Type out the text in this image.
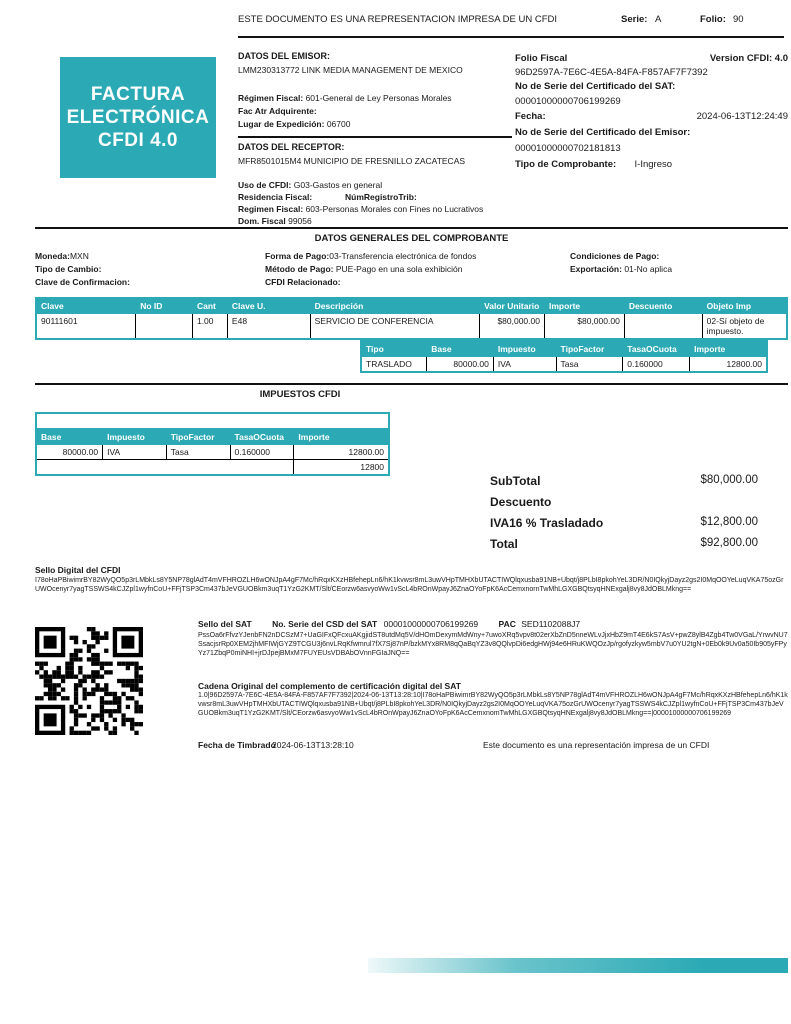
ESTE DOCUMENTO ES UNA REPRESENTACION IMPRESA DE UN CFDI	Serie: A	Folio: 90
FACTURA
ELECTRÓNICA
CFDI 4.0
DATOS DEL EMISOR:
LMM230313772 LINK MEDIA MANAGEMENT DE MEXICO
Régimen Fiscal: 601-General de Ley Personas Morales
Fac Atr Adquirente:
Lugar de Expedición: 06700
DATOS DEL RECEPTOR:
MFR8501015M4 MUNICIPIO DE FRESNILLO ZACATECAS
Uso de CFDI: G03-Gastos en general
Residencia Fiscal:	NúmRegistroTrib:
Regimen Fiscal: 603-Personas Morales con Fines no Lucrativos
Dom. Fiscal 99056
Folio Fiscal	Version CFDI: 4.0
96D2597A-7E6C-4E5A-84FA-F857AF7F7392
No de Serie del Certificado del SAT:
00001000000706199269
Fecha:	2024-06-13T12:24:49
No de Serie del Certificado del Emisor:
00001000000702181813
Tipo de Comprobante: I-Ingreso
DATOS GENERALES DEL COMPROBANTE
Moneda:MXN
Tipo de Cambio:
Clave de Confirmacion:
Forma de Pago:03-Transferencia electrónica de fondos
Método de Pago: PUE-Pago en una sola exhibición
CFDI Relacionado:
Condiciones de Pago:
Exportación: 01-No aplica
Clave	No ID	Cant	Clave U.	Descripción	Valor Unitario	Importe	Descuento	Objeto Imp
90111601		1.00	E48	SERVICIO DE CONFERENCIA	$80,000.00	$80,000.00		02-Sí objeto de impuesto.
Tipo	Base	Impuesto	TipoFactor	TasaOCuota	Importe
TRASLADO	80000.00	IVA	Tasa	0.160000	12800.00
IMPUESTOS CFDI

Base	Impuesto	TipoFactor	TasaOCuota	Importe
80000.00	IVA	Tasa	0.160000	12800.00
				12800
SubTotal	$80,000.00
Descuento
IVA16 % Trasladado	$12,800.00
Total	$92,800.00
Sello Digital del CFDI
I78oHaPBiwimrBY82WyQO5p3rLMbkLs8Y5NP78glAdT4mVFHROZLH6wONJpA4gF7Mc/hRqxKXzHBfehepLn6/hK1kvwsr8mL3uwVHpTMHXbUTACTIWQlqxusba91NB+Ubqt/j8PLbI8pkohYeL3DR/N0IQkyjDayz2gs2I0MqOOYeLuqVKA75ozGrUWOcenyr7yagTSSWS4kCJZpl1wyfnCoU+FFjTSP3Cm437bJeVGUOBkm3uqT1YzG2KMT/Slt/CEorzw6asvyoWw1vScL4bROnWpayJ6ZnaOYoFpK6AcCemxnornTwMhLGXGBQtsyqHNExgalj8vy8JdOBLMkng==
Sello del SAT No. Serie del CSD del SAT 00001000000706199269 PAC SED1102088J7
PssOa6rFfvzYJenbFN2nDCSzM7+UaGIFxQFcxuAKgjidST8utdMq5V/dHOmDexymMdWny+7uwoXRq5vpv8t02erXbZnD5nneWLvJjxHbZ9mT4E6kS7AsV+pwZ8ylB4Zgb4Tw0VGaL/YrwvNU7SsacjsrRp0XEM2jhMFIWjGYZ9TCGU3j6nvLRqKfwmrul7fX7Sj87nP/bzkMYx8RM8qQaBqYZ3v8QQlvpDi6edgHWj94e6HRuKWQOzJp/rgofyzkyw5mbV7u0YU2tgN+0Eb0k9Uv0a50Ib905yFPyYz71ZbqP0miNHI+jrDJpejBMxM7FUYEUsVDBAbOVnnFGIaJNQ==
Cadena Original del complemento de certificación digital del SAT
1.0|96D2597A-7E6C-4E5A-84FA-F857AF7F7392|2024-06-13T13:28:10|I78oHaPBiwimrBY82WyQO5p3rLMbkLs8Y5NP78glAdT4mVFHROZLH6wONJpA4gF7Mc/hRqxKXzHBfehepLn6/hK1kvwsr8mL3uwVHpTMHXbUTACTIWQlqxusba91NB+Ubqt/j8PLbI8pkohYeL3DR/N0IQkyjDayz2gs2I0MqOOYeLuqVKA75ozGrUWOcenyr7yagTSSWS4kCJZpl1wyfnCoU+FFjTSP3Cm437bJeVGUOBkm3uqT1YzG2KMT/Slt/CEorzw6asvyoWw1vScL4bROnWpayJ6ZnaOYoFpK6AcCemxnomTwMhLGXGBQtsyqHNExgalj8vy8JdOBLMkng==|00001000000706199269
Fecha de Timbrado
2024-06-13T13:28:10	Este documento es una representación impresa de un CFDI
